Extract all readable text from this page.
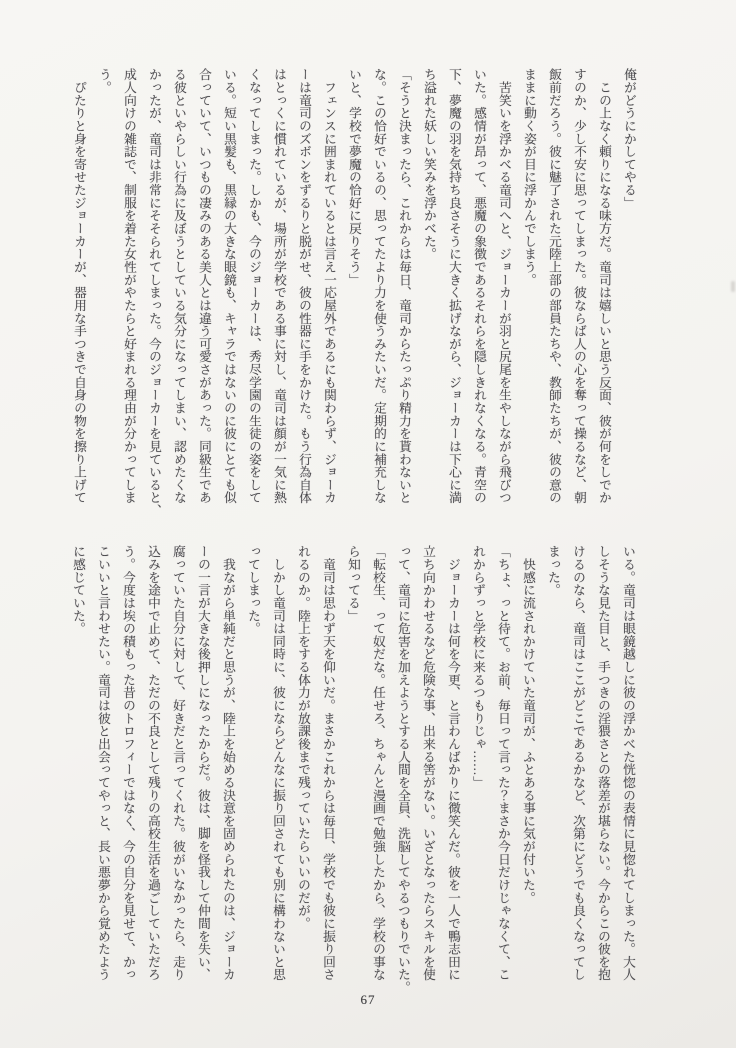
俺がどうにかしてやる」
　この上なく頼りになる味方だ。竜司は嬉しいと思う反面、彼が何をしでか
すのか、少し不安に思ってしまった。彼ならば人の心を奪って操るなど、朝
飯前だろう。彼に魅了された元陸上部の部員たちや、教師たちが、彼の意の
ままに動く姿が目に浮かんでしまう。
　苦笑いを浮かべる竜司へと、ジョーカーが羽と尻尾を生やしながら飛びつ
いた。感情が昂って、悪魔の象徴であるそれらを隠しきれなくなる。青空の
下、夢魔の羽を気持ち良さそうに大きく拡げながら、ジョーカーは下心に満
ち溢れた妖しい笑みを浮かべた。
「そうと決まったら、これからは毎日、竜司からたっぷり精力を貰わないと
な。この恰好でいるの、思ってたより力を使うみたいだ。定期的に補充しな
いと、学校で夢魔の恰好に戻りそう」
　フェンスに囲まれているとは言え一応屋外であるにも関わらず、ジョーカ
ーは竜司のズボンをずるりと脱がせ、彼の性器に手をかけた。もう行為自体
はとっくに慣れているが、場所が学校である事に対し、竜司は顔が一気に熱
くなってしまった。しかも、今のジョーカーは、秀尽学園の生徒の姿をして
いる。短い黒髪も、黒縁の大きな眼鏡も、キャラではないのに彼にとても似
合っていて、いつもの凄みのある美人とは違う可愛さがあった。同級生であ
る彼といやらしい行為に及ぼうとしている気分になってしまい、認めたくな
かったが、竜司は非常にそそられてしまった。今のジョーカーを見ていると、
成人向けの雑誌で、制服を着た女性がやたらと好まれる理由が分かってしま
う。
　ぴたりと身を寄せたジョーカーが、器用な手つきで自身の物を擦り上げて
いる。竜司は眼鏡越しに彼の浮かべた恍惚の表情に見惚れてしまった。大人
しそうな見た目と、手つきの淫猥さとの落差が堪らない。今からこの彼を抱
けるのなら、竜司はここがどこであるかなど、次第にどうでも良くなってし
まった。
　快感に流されかけていた竜司が、ふとある事に気が付いた。
「ちょ、っと待て。お前、毎日って言った？まさか今日だけじゃなくて、こ
れからずっと学校に来るつもりじゃ……」
　ジョーカーは何を今更、と言わんばかりに微笑んだ。彼を一人で鴨志田に
立ち向かわせるなど危険な事、出来る筈がない。いざとなったらスキルを使
って、竜司に危害を加えようとする人間を全員、洗脳してやるつもりでいた。
「転校生、って奴だな。任せろ、ちゃんと漫画で勉強したから、学校の事な
ら知ってる」
　竜司は思わず天を仰いだ。まさかこれからは毎日、学校でも彼に振り回さ
れるのか。陸上をする体力が放課後まで残っていたらいいのだが。
　しかし竜司は同時に、彼にならどんなに振り回されても別に構わないと思
ってしまった。
　我ながら単純だと思うが、陸上を始める決意を固められたのは、ジョーカ
ーの一言が大きな後押しになったからだ。彼は、脚を怪我して仲間を失い、
腐っていた自分に対して、好きだと言ってくれた。彼がいなかったら、走り
込みを途中で止めて、ただの不良として残りの高校生活を過ごしていただろ
う。今度は埃の積もった昔のトロフィーではなく、今の自分を見せて、かっ
こいいと言わせたい。竜司は彼と出会ってやっと、長い悪夢から覚めたよう
に感じていた。
67
